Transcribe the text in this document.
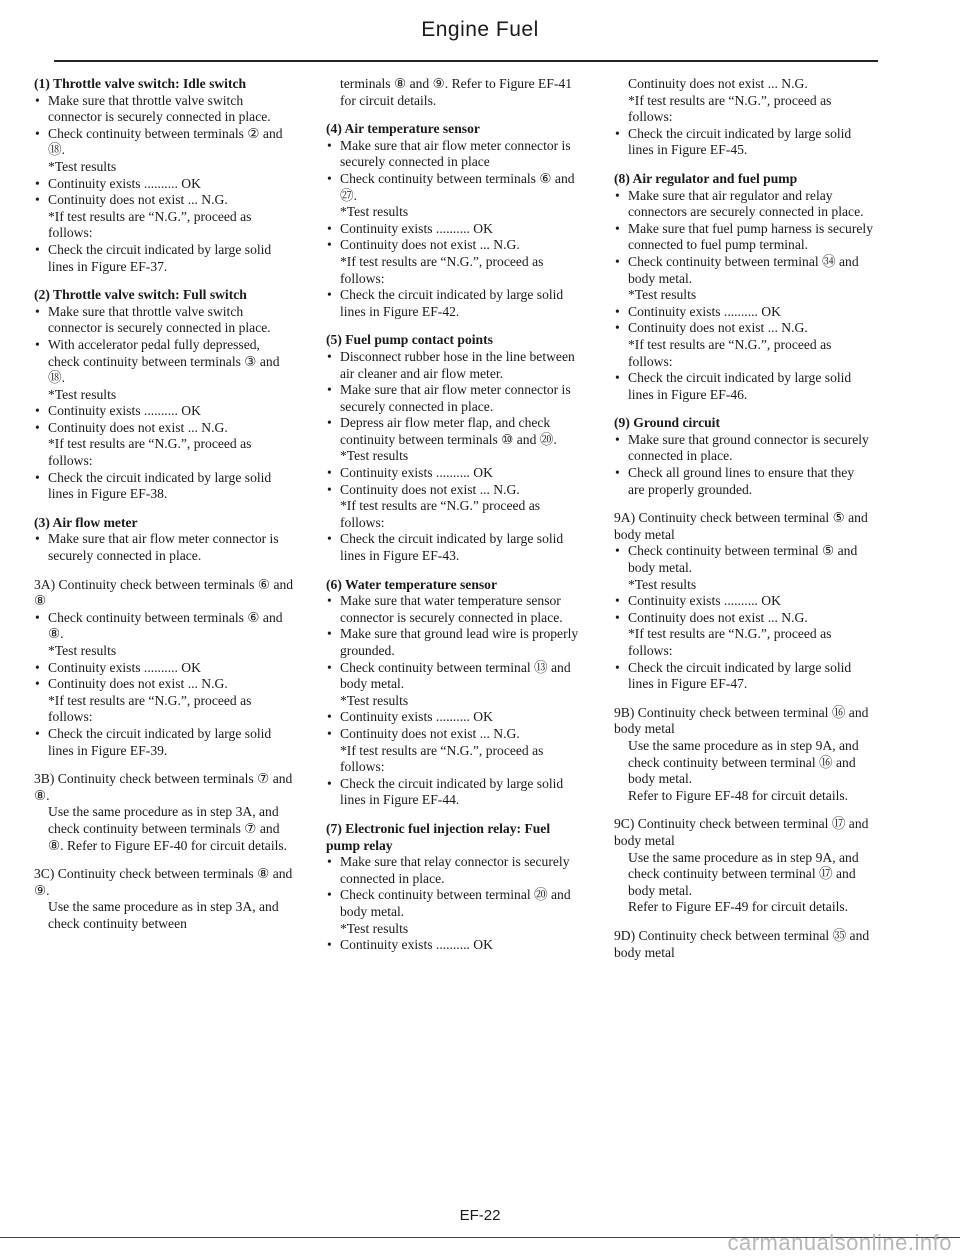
Engine Fuel
(1) Throttle valve switch: Idle switch
• Make sure that throttle valve switch connector is securely connected in place.
• Check continuity between terminals ② and ⑱.
*Test results
• Continuity exists .......... OK
• Continuity does not exist ... N.G.
*If test results are “N.G.”, proceed as follows:
• Check the circuit indicated by large solid lines in Figure EF-37.
(2) Throttle valve switch: Full switch
• Make sure that throttle valve switch connector is securely connected in place.
• With accelerator pedal fully depressed, check continuity between terminals ③ and ⑱.
*Test results
• Continuity exists .......... OK
• Continuity does not exist ... N.G.
*If test results are “N.G.”, proceed as follows:
• Check the circuit indicated by large solid lines in Figure EF-38.
(3) Air flow meter
• Make sure that air flow meter connector is securely connected in place.
3A) Continuity check between terminals ⑥ and ⑧
• Check continuity between terminals ⑥ and ⑧.
*Test results
• Continuity exists .......... OK
• Continuity does not exist ... N.G.
*If test results are “N.G.”, proceed as follows:
• Check the circuit indicated by large solid lines in Figure EF-39.
3B) Continuity check between terminals ⑦ and ⑧.
Use the same procedure as in step 3A, and check continuity between terminals ⑦ and ⑧. Refer to Figure EF-40 for circuit details.
3C) Continuity check between terminals ⑧ and ⑨.
Use the same procedure as in step 3A, and check continuity between
terminals ⑧ and ⑨. Refer to Figure EF-41 for circuit details.
(4) Air temperature sensor
• Make sure that air flow meter connector is securely connected in place
• Check continuity between terminals ⑥ and ㉗.
*Test results
• Continuity exists .......... OK
• Continuity does not exist ... N.G.
*If test results are “N.G.”, proceed as follows:
• Check the circuit indicated by large solid lines in Figure EF-42.
(5) Fuel pump contact points
• Disconnect rubber hose in the line between air cleaner and air flow meter.
• Make sure that air flow meter connector is securely connected in place.
• Depress air flow meter flap, and check continuity between terminals ⑩ and ⑳.
*Test results
• Continuity exists .......... OK
• Continuity does not exist ... N.G.
*If test results are “N.G.” proceed as follows:
• Check the circuit indicated by large solid lines in Figure EF-43.
(6) Water temperature sensor
• Make sure that water temperature sensor connector is securely connected in place.
• Make sure that ground lead wire is properly grounded.
• Check continuity between terminal ⑬ and body metal.
*Test results
• Continuity exists .......... OK
• Continuity does not exist ... N.G.
*If test results are “N.G.”, proceed as follows:
• Check the circuit indicated by large solid lines in Figure EF-44.
(7) Electronic fuel injection relay: Fuel pump relay
• Make sure that relay connector is securely connected in place.
• Check continuity between terminal ⑳ and body metal.
*Test results
• Continuity exists .......... OK
Continuity does not exist ... N.G.
*If test results are “N.G.”, proceed as follows:
• Check the circuit indicated by large solid lines in Figure EF-45.
(8) Air regulator and fuel pump
• Make sure that air regulator and relay connectors are securely connected in place.
• Make sure that fuel pump harness is securely connected to fuel pump terminal.
• Check continuity between terminal ㉞ and body metal.
*Test results
• Continuity exists .......... OK
• Continuity does not exist ... N.G.
*If test results are “N.G.”, proceed as follows:
• Check the circuit indicated by large solid lines in Figure EF-46.
(9) Ground circuit
• Make sure that ground connector is securely connected in place.
• Check all ground lines to ensure that they are properly grounded.
9A) Continuity check between terminal ⑤ and body metal
• Check continuity between terminal ⑤ and body metal.
*Test results
• Continuity exists .......... OK
• Continuity does not exist ... N.G.
*If test results are “N.G.”, proceed as follows:
• Check the circuit indicated by large solid lines in Figure EF-47.
9B) Continuity check between terminal ⑯ and body metal
Use the same procedure as in step 9A, and check continuity between terminal ⑯ and body metal.
Refer to Figure EF-48 for circuit details.
9C) Continuity check between terminal ⑰ and body metal
Use the same procedure as in step 9A, and check continuity between terminal ⑰ and body metal.
Refer to Figure EF-49 for circuit details.
9D) Continuity check between terminal ㉟ and body metal
EF-22
carmanualsonline.info
